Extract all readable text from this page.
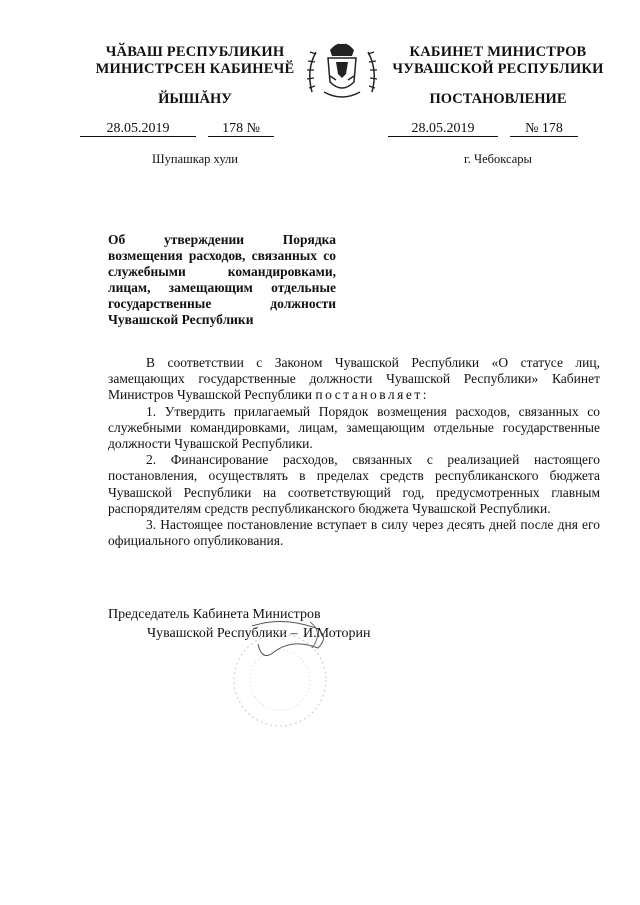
ЧӐВАШ РЕСПУБЛИКИН
МИНИСТРСЕН КАБИНЕЧӖ
ЙЫШĂНУ
28.05.2019	178 №
Шупашкар хули
КАБИНЕТ МИНИСТРОВ
ЧУВАШСКОЙ РЕСПУБЛИКИ
ПОСТАНОВЛЕНИЕ
28.05.2019	№ 178
г. Чебоксары
Об утверждении Порядка возмещения расходов, связанных со служебными командировками, лицам, замещающим отдельные государственные должности Чувашской Республики

В соответствии с Законом Чувашской Республики «О статусе лиц, замещающих государственные должности Чувашской Республики» Кабинет Министров Чувашской Республики постановляет:

1. Утвердить прилагаемый Порядок возмещения расходов, связанных со служебными командировками, лицам, замещающим отдельные государственные должности Чувашской Республики.

2. Финансирование расходов, связанных с реализацией настоящего постановления, осуществлять в пределах средств республиканского бюджета Чувашской Республики на соответствующий год, предусмотренных главным распорядителям средств республиканского бюджета Чувашской Республики.

3. Настоящее постановление вступает в силу через десять дней после дня его официального опубликования.

Председатель Кабинета Министров
Чувашской Республики – И.Моторин
